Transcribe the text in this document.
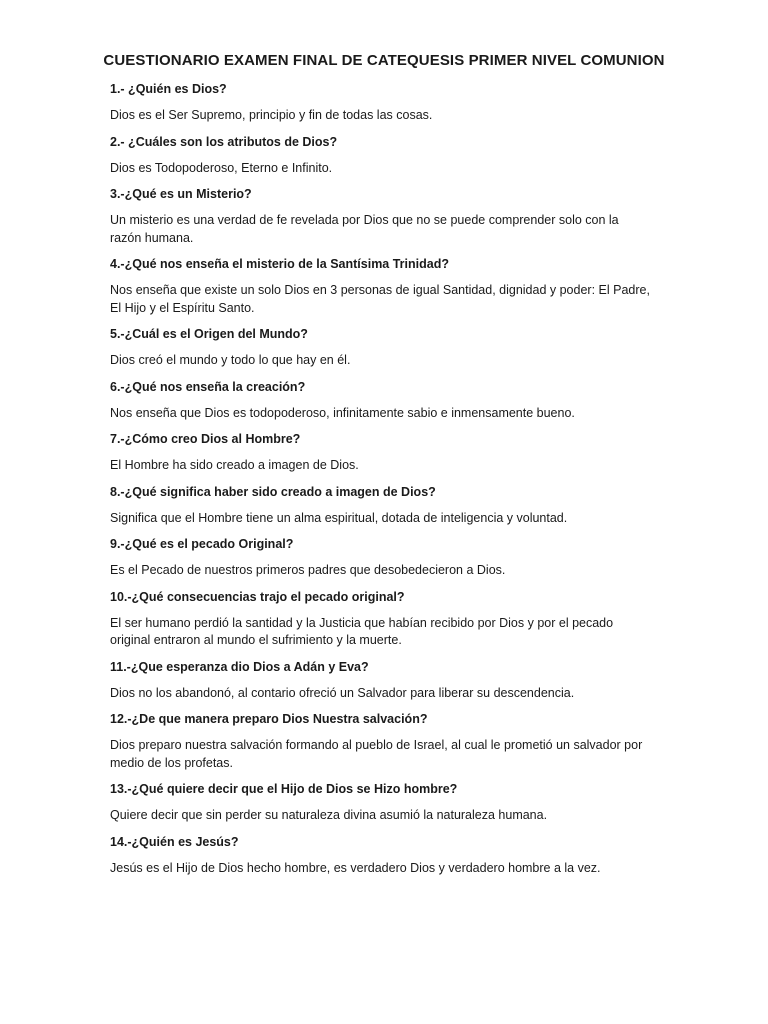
CUESTIONARIO EXAMEN FINAL DE CATEQUESIS PRIMER NIVEL COMUNION

1.- ¿Quién es Dios?

Dios es el Ser Supremo, principio y fin de todas las cosas.

2.- ¿Cuáles son los atributos de Dios?

Dios es Todopoderoso, Eterno e Infinito.

3.-¿Qué es un Misterio?

Un misterio es una verdad de fe revelada por Dios que no se puede comprender solo con la razón humana.

4.-¿Qué nos enseña el misterio de la Santísima Trinidad?

Nos enseña que existe un solo Dios en 3 personas de igual Santidad, dignidad y poder: El Padre, El Hijo y el Espíritu Santo.

5.-¿Cuál es el Origen del Mundo?

Dios creó el mundo y todo lo que hay en él.

6.-¿Qué nos enseña la creación?

Nos enseña que Dios es todopoderoso, infinitamente sabio e inmensamente bueno.

7.-¿Cómo creo Dios al Hombre?

El Hombre ha sido creado a imagen de Dios.

8.-¿Qué significa haber sido creado a imagen de Dios?

Significa que el Hombre tiene un alma espiritual, dotada de inteligencia y voluntad.

9.-¿Qué es el pecado Original?

Es el Pecado de nuestros primeros padres que desobedecieron a Dios.

10.-¿Qué consecuencias trajo el pecado original?

El ser humano perdió la santidad y la Justicia que habían recibido por Dios y por el pecado original entraron al mundo el sufrimiento y la muerte.

11.-¿Que esperanza dio Dios a Adán y Eva?

Dios no los abandonó, al contario ofreció un Salvador para liberar su descendencia.

12.-¿De que manera preparo Dios Nuestra salvación?

Dios preparo nuestra salvación formando al pueblo de Israel, al cual le prometió un salvador por medio de los profetas.

13.-¿Qué quiere decir que el Hijo de Dios se Hizo hombre?

Quiere decir que sin perder su naturaleza divina asumió la naturaleza humana.

14.-¿Quién es Jesús?

Jesús es el Hijo de Dios hecho hombre, es verdadero Dios y verdadero hombre a la vez.
